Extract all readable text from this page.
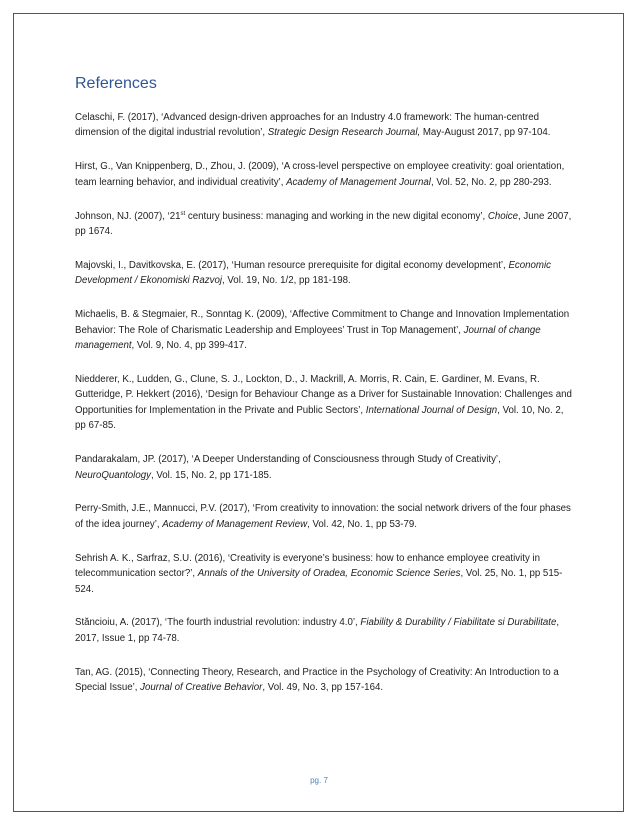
References

Celaschi, F. (2017), ‘Advanced design-driven approaches for an Industry 4.0 framework: The human-centred dimension of the digital industrial revolution’, Strategic Design Research Journal, May-August 2017, pp 97-104.

Hirst, G., Van Knippenberg, D., Zhou, J. (2009), ‘A cross-level perspective on employee creativity: goal orientation, team learning behavior, and individual creativity’, Academy of Management Journal, Vol. 52, No. 2, pp 280-293.

Johnson, NJ. (2007), ‘21st century business: managing and working in the new digital economy’, Choice, June 2007, pp 1674.

Majovski, I., Davitkovska, E. (2017), ‘Human resource prerequisite for digital economy development’, Economic Development / Ekonomiski Razvoj, Vol. 19, No. 1/2, pp 181-198.

Michaelis, B. & Stegmaier, R., Sonntag K. (2009), ‘Affective Commitment to Change and Innovation Implementation Behavior: The Role of Charismatic Leadership and Employees’ Trust in Top Management’, Journal of change management, Vol. 9, No. 4, pp 399-417.

Niedderer, K., Ludden, G., Clune, S. J., Lockton, D., J. Mackrill, A. Morris, R. Cain, E. Gardiner, M. Evans, R. Gutteridge, P. Hekkert (2016), ‘Design for Behaviour Change as a Driver for Sustainable Innovation: Challenges and Opportunities for Implementation in the Private and Public Sectors’, International Journal of Design, Vol. 10, No. 2, pp 67-85.

Pandarakalam, JP. (2017), ‘A Deeper Understanding of Consciousness through Study of Creativity’, NeuroQuantology, Vol. 15, No. 2, pp 171-185.

Perry-Smith, J.E., Mannucci, P.V. (2017), ‘From creativity to innovation: the social network drivers of the four phases of the idea journey’, Academy of Management Review, Vol. 42, No. 1, pp 53-79.

Sehrish A. K., Sarfraz, S.U. (2016), ‘Creativity is everyone’s business: how to enhance employee creativity in telecommunication sector?’, Annals of the University of Oradea, Economic Science Series, Vol. 25, No. 1, pp 515-524.

Stăncioiu, A. (2017), ‘The fourth industrial revolution: industry 4.0’, Fiability & Durability / Fiabilitate si Durabilitate, 2017, Issue 1, pp 74-78.

Tan, AG. (2015), ‘Connecting Theory, Research, and Practice in the Psychology of Creativity: An Introduction to a Special Issue’, Journal of Creative Behavior, Vol. 49, No. 3, pp 157-164.

pg. 7
